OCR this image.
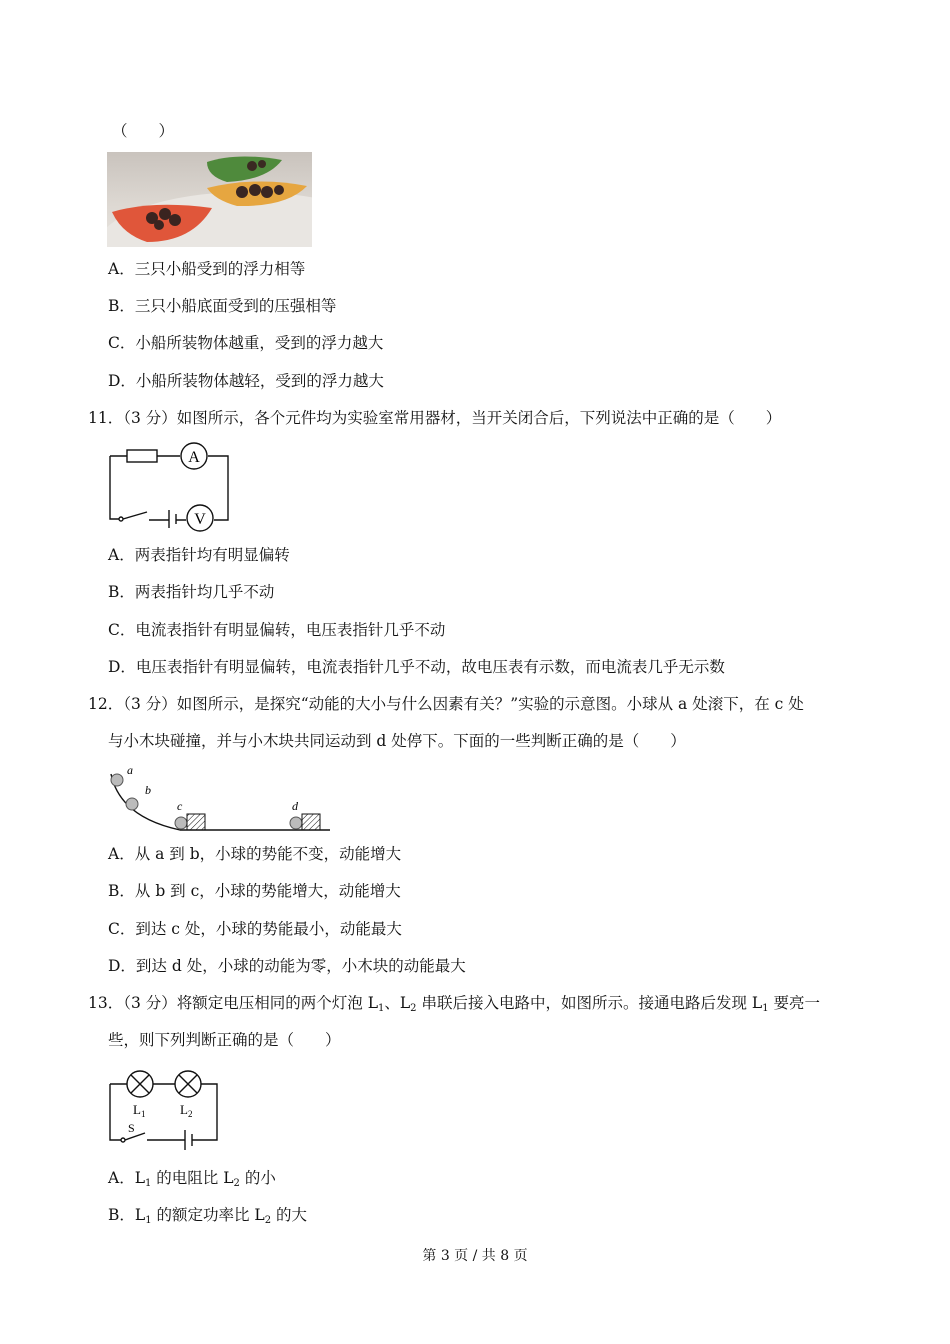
（　　）
A．三只小船受到的浮力相等
B．三只小船底面受到的压强相等
C．小船所装物体越重，受到的浮力越大
D．小船所装物体越轻，受到的浮力越大
11．（3 分）如图所示，各个元件均为实验室常用器材，当开关闭合后，下列说法中正确的是（　　）
A
V
A．两表指针均有明显偏转
B．两表指针均几乎不动
C．电流表指针有明显偏转，电压表指针几乎不动
D．电压表指针有明显偏转，电流表指针几乎不动，故电压表有示数，而电流表几乎无示数
12．（3 分）如图所示，是探究“动能的大小与什么因素有关？”实验的示意图。小球从 a 处滚下，在 c 处
与小木块碰撞，并与小木块共同运动到 d 处停下。下面的一些判断正确的是（　　）
a
b
c	d
A．从 a 到 b，小球的势能不变，动能增大
B．从 b 到 c，小球的势能增大，动能增大
C．到达 c 处，小球的势能最小，动能最大
D．到达 d 处，小球的动能为零，小木块的动能最大
13．（3 分）将额定电压相同的两个灯泡 $L_1$、$L_2$ 串联后接入电路中，如图所示。接通电路后发现 $L_1$ 要亮一
些，则下列判断正确的是（　　）
$L_1$	$L_2$
S
A．$L_1$ 的电阻比 $L_2$ 的小
B．$L_1$ 的额定功率比 $L_2$ 的大
第 3 页 / 共 8 页
